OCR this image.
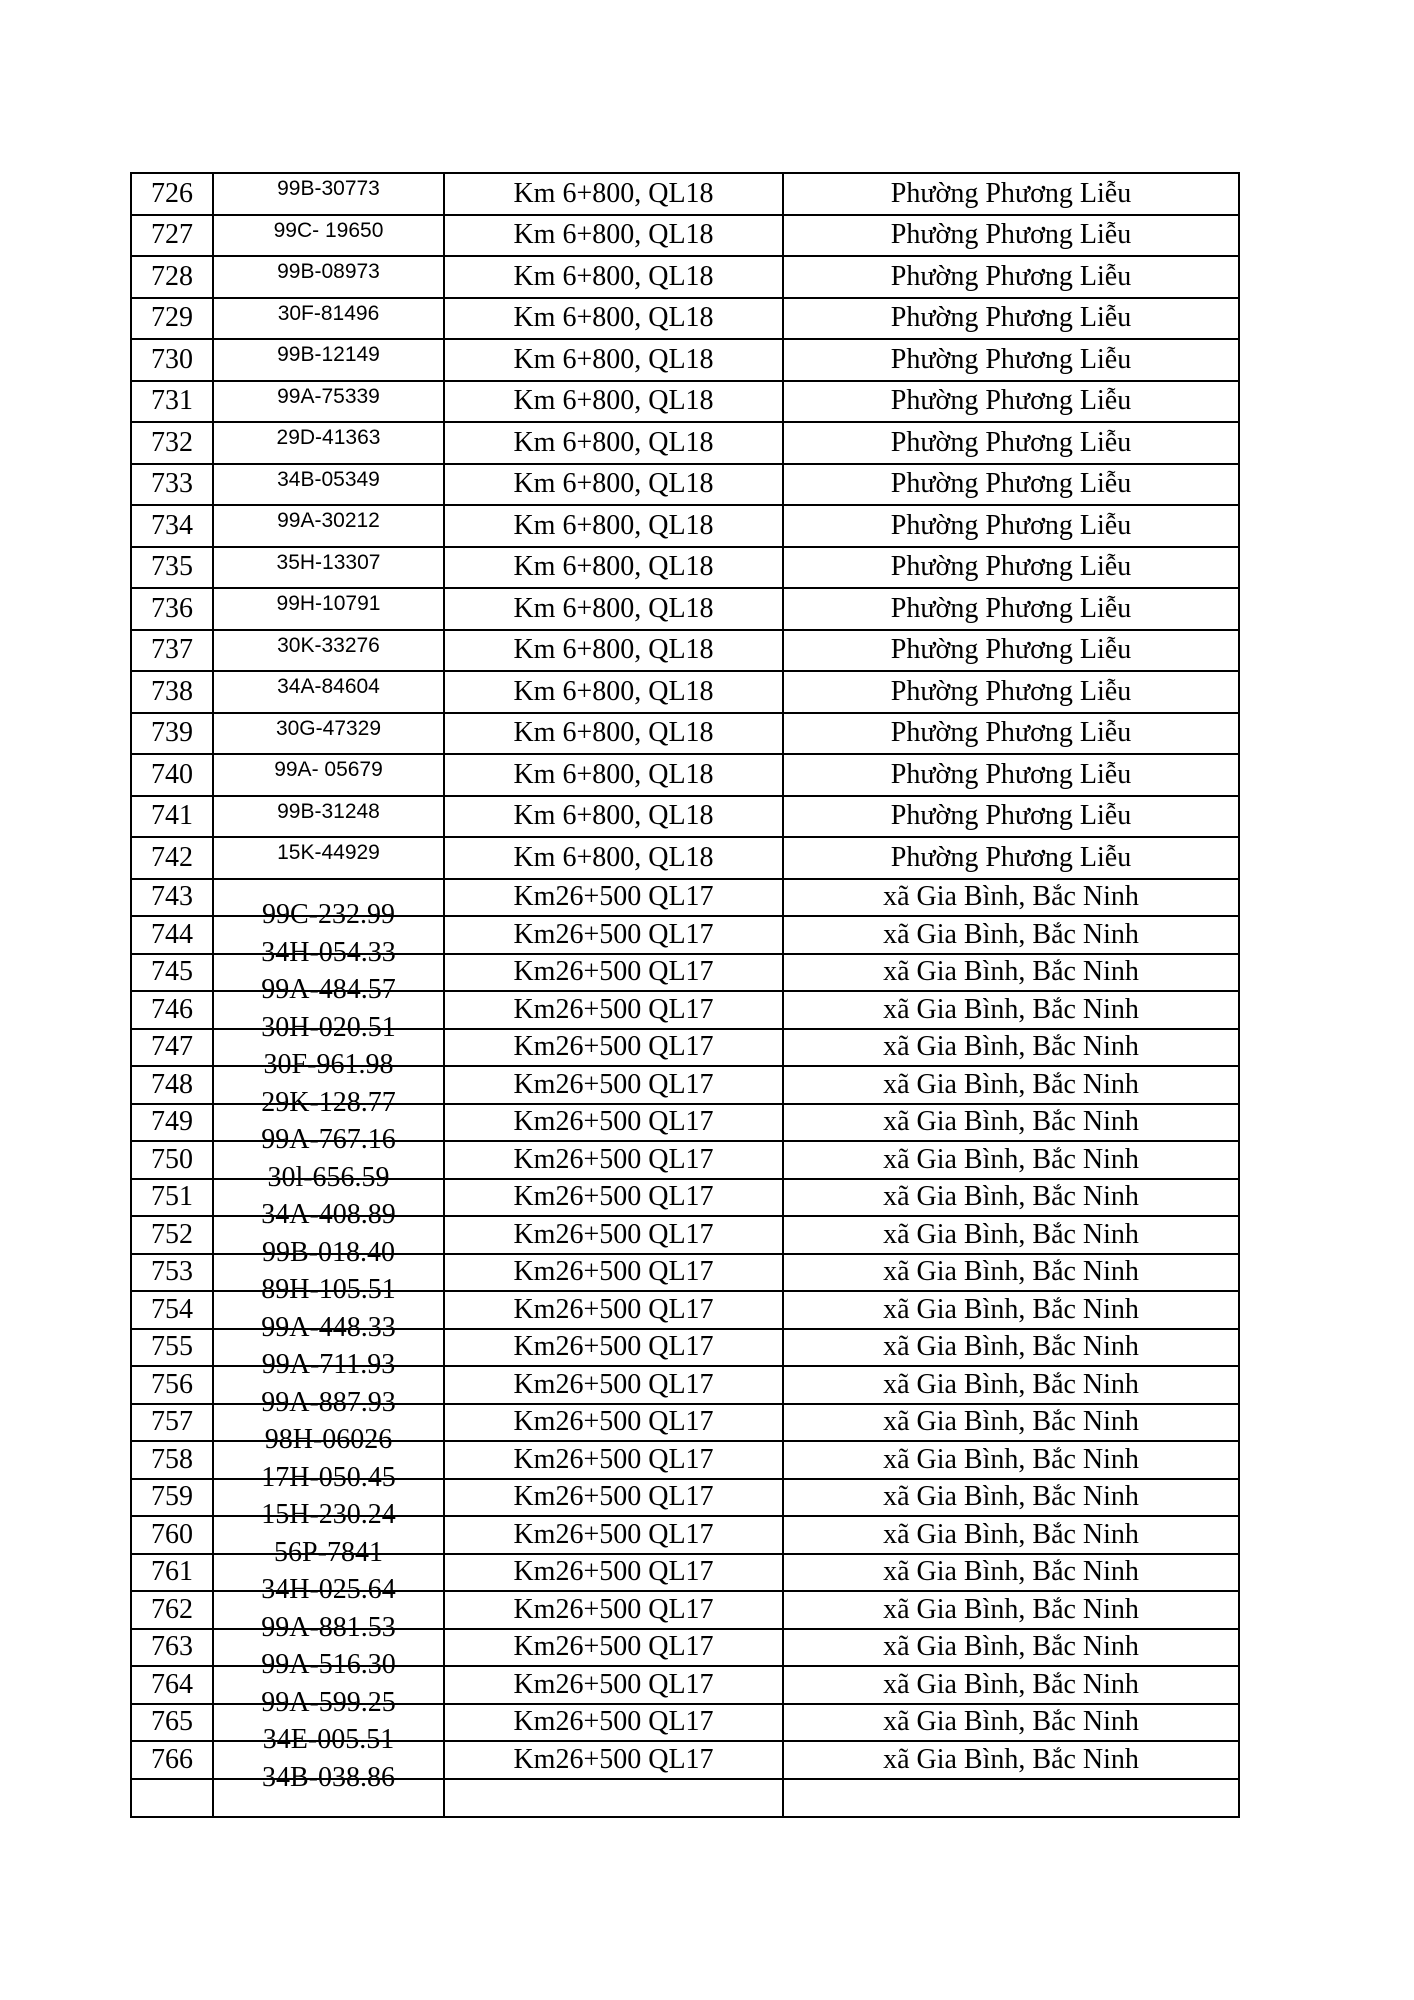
726	99B-30773	Km 6+800, QL18	Phường Phương Liễu
727	99C- 19650	Km 6+800, QL18	Phường Phương Liễu
728	99B-08973	Km 6+800, QL18	Phường Phương Liễu
729	30F-81496	Km 6+800, QL18	Phường Phương Liễu
730	99B-12149	Km 6+800, QL18	Phường Phương Liễu
731	99A-75339	Km 6+800, QL18	Phường Phương Liễu
732	29D-41363	Km 6+800, QL18	Phường Phương Liễu
733	34B-05349	Km 6+800, QL18	Phường Phương Liễu
734	99A-30212	Km 6+800, QL18	Phường Phương Liễu
735	35H-13307	Km 6+800, QL18	Phường Phương Liễu
736	99H-10791	Km 6+800, QL18	Phường Phương Liễu
737	30K-33276	Km 6+800, QL18	Phường Phương Liễu
738	34A-84604	Km 6+800, QL18	Phường Phương Liễu
739	30G-47329	Km 6+800, QL18	Phường Phương Liễu
740	99A- 05679	Km 6+800, QL18	Phường Phương Liễu
741	99B-31248	Km 6+800, QL18	Phường Phương Liễu
742	15K-44929	Km 6+800, QL18	Phường Phương Liễu
743	99C-232.99	Km26+500 QL17	xã Gia Bình, Bắc Ninh
744	34H-054.33	Km26+500 QL17	xã Gia Bình, Bắc Ninh
745	99A-484.57	Km26+500 QL17	xã Gia Bình, Bắc Ninh
746	30H-020.51	Km26+500 QL17	xã Gia Bình, Bắc Ninh
747	30F-961.98	Km26+500 QL17	xã Gia Bình, Bắc Ninh
748	29K-128.77	Km26+500 QL17	xã Gia Bình, Bắc Ninh
749	99A-767.16	Km26+500 QL17	xã Gia Bình, Bắc Ninh
750	30l-656.59	Km26+500 QL17	xã Gia Bình, Bắc Ninh
751	34A-408.89	Km26+500 QL17	xã Gia Bình, Bắc Ninh
752	99B-018.40	Km26+500 QL17	xã Gia Bình, Bắc Ninh
753	89H-105.51	Km26+500 QL17	xã Gia Bình, Bắc Ninh
754	99A-448.33	Km26+500 QL17	xã Gia Bình, Bắc Ninh
755	99A-711.93	Km26+500 QL17	xã Gia Bình, Bắc Ninh
756	99A-887.93	Km26+500 QL17	xã Gia Bình, Bắc Ninh
757	98H-06026	Km26+500 QL17	xã Gia Bình, Bắc Ninh
758	17H-050.45	Km26+500 QL17	xã Gia Bình, Bắc Ninh
759	15H-230.24	Km26+500 QL17	xã Gia Bình, Bắc Ninh
760	56P-7841	Km26+500 QL17	xã Gia Bình, Bắc Ninh
761	34H-025.64	Km26+500 QL17	xã Gia Bình, Bắc Ninh
762	99A-881.53	Km26+500 QL17	xã Gia Bình, Bắc Ninh
763	99A-516.30	Km26+500 QL17	xã Gia Bình, Bắc Ninh
764	99A-599.25	Km26+500 QL17	xã Gia Bình, Bắc Ninh
765	34E-005.51	Km26+500 QL17	xã Gia Bình, Bắc Ninh
766	34B-038.86	Km26+500 QL17	xã Gia Bình, Bắc Ninh
